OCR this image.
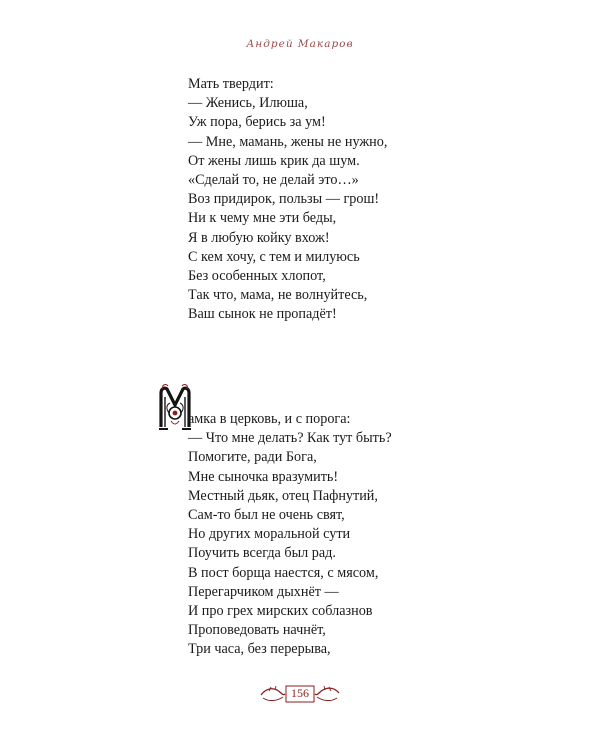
Андрей Макаров
Мать твердит:
— Женись, Илюша,
Уж пора, берись за ум!
— Мне, мамань, жены не нужно,
От жены лишь крик да шум.
«Сделай то, не делай это…»
Воз придирок, пользы — грош!
Ни к чему мне эти беды,
Я в любую койку вхож!
С кем хочу, с тем и милуюсь
Без особенных хлопот,
Так что, мама, не волнуйтесь,
Ваш сынок не пропадёт!
амка в церковь, и с порога:
— Что мне делать? Как тут быть?
Помогите, ради Бога,
Мне сыночка вразумить!
Местный дьяк, отец Пафнутий,
Сам-то был не очень свят,
Но других моральной сути
Поучить всегда был рад.
В пост борща наестся, с мясом,
Перегарчиком дыхнёт —
И про грех мирских соблазнов
Проповедовать начнёт,
Три часа, без перерыва,
156
